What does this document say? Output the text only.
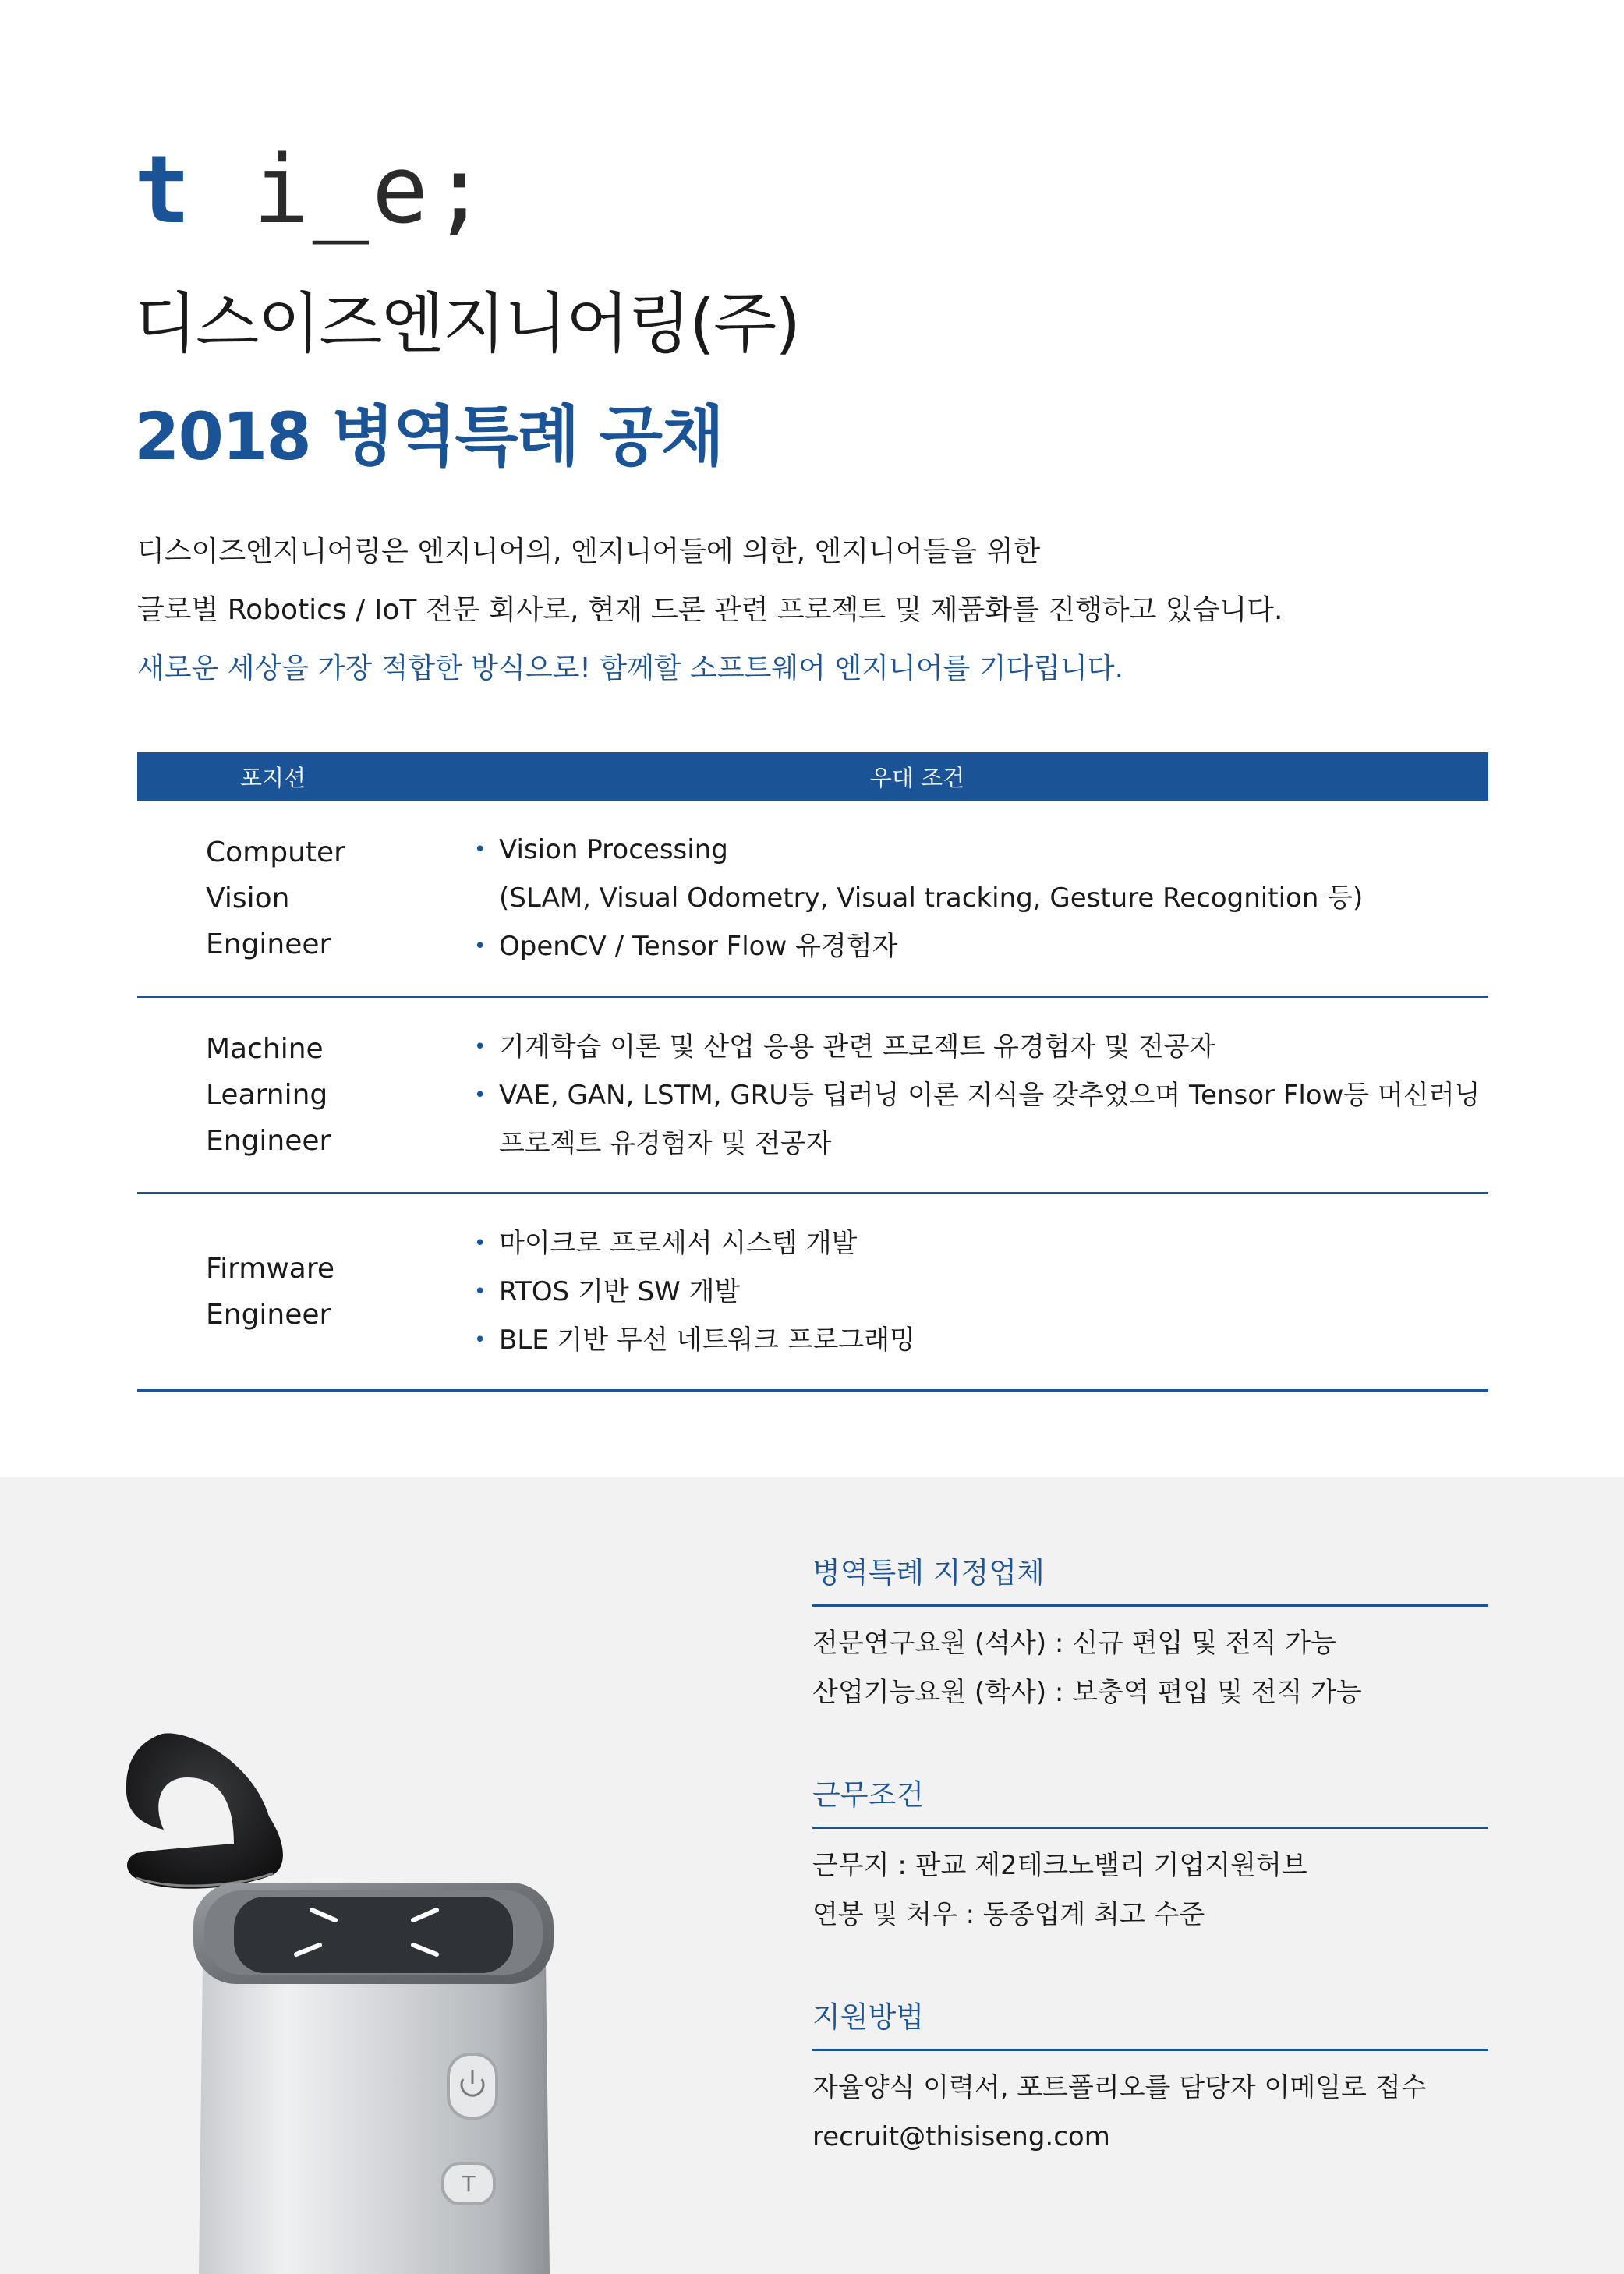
t i_e;
디스이즈엔지니어링(주)
2018 병역특례 공채

디스이즈엔지니어링은 엔지니어의, 엔지니어들에 의한, 엔지니어들을 위한

글로벌 Robotics / IoT 전문 회사로, 현재 드론 관련 프로젝트 및 제품화를 진행하고 있습니다.

새로운 세상을 가장 적합한 방식으로! 함께할 소프트웨어 엔지니어를 기다립니다.

포지션	우대 조건
Computer
Vision
Engineer
• Vision Processing
(SLAM, Visual Odometry, Visual tracking, Gesture Recognition 등)
• OpenCV / Tensor Flow 유경험자
Machine
Learning
Engineer
• 기계학습 이론 및 산업 응용 관련 프로젝트 유경험자 및 전공자
• VAE, GAN, LSTM, GRU등 딥러닝 이론 지식을 갖추었으며 Tensor Flow등 머신러닝
프로젝트 유경험자 및 전공자
Firmware
Engineer
• 마이크로 프로세서 시스템 개발
• RTOS 기반 SW 개발
• BLE 기반 무선 네트워크 프로그래밍
T
병역특례 지정업체
전문연구요원 (석사) : 신규 편입 및 전직 가능
산업기능요원 (학사) : 보충역 편입 및 전직 가능
근무조건
근무지 : 판교 제2테크노밸리 기업지원허브
연봉 및 처우 : 동종업계 최고 수준
지원방법
자율양식 이력서, 포트폴리오를 담당자 이메일로 접수
recruit@thisiseng.com
